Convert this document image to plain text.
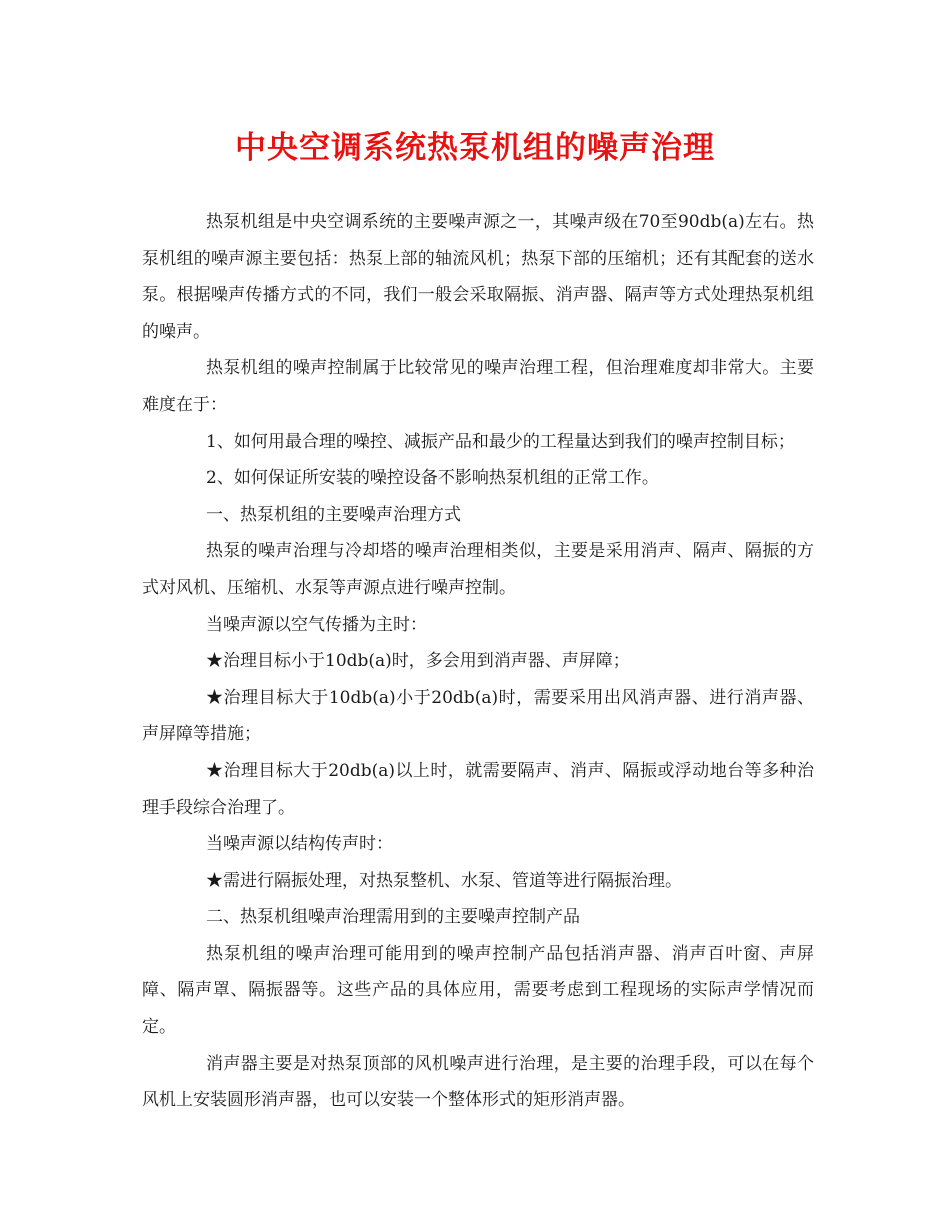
中央空调系统热泵机组的噪声治理

热泵机组是中央空调系统的主要噪声源之一，其噪声级在70至90db(a)左右。热泵机组的噪声源主要包括：热泵上部的轴流风机；热泵下部的压缩机；还有其配套的送水泵。根据噪声传播方式的不同，我们一般会采取隔振、消声器、隔声等方式处理热泵机组的噪声。

热泵机组的噪声控制属于比较常见的噪声治理工程，但治理难度却非常大。主要难度在于：

1、如何用最合理的噪控、减振产品和最少的工程量达到我们的噪声控制目标；

2、如何保证所安装的噪控设备不影响热泵机组的正常工作。

一、热泵机组的主要噪声治理方式

热泵的噪声治理与冷却塔的噪声治理相类似，主要是采用消声、隔声、隔振的方式对风机、压缩机、水泵等声源点进行噪声控制。

当噪声源以空气传播为主时：

★治理目标小于10db(a)时，多会用到消声器、声屏障；

★治理目标大于10db(a)小于20db(a)时，需要采用出风消声器、进行消声器、声屏障等措施；

★治理目标大于20db(a)以上时，就需要隔声、消声、隔振或浮动地台等多种治理手段综合治理了。

当噪声源以结构传声时：

★需进行隔振处理，对热泵整机、水泵、管道等进行隔振治理。

二、热泵机组噪声治理需用到的主要噪声控制产品

热泵机组的噪声治理可能用到的噪声控制产品包括消声器、消声百叶窗、声屏障、隔声罩、隔振器等。这些产品的具体应用，需要考虑到工程现场的实际声学情况而定。

消声器主要是对热泵顶部的风机噪声进行治理，是主要的治理手段，可以在每个风机上安装圆形消声器，也可以安装一个整体形式的矩形消声器。
